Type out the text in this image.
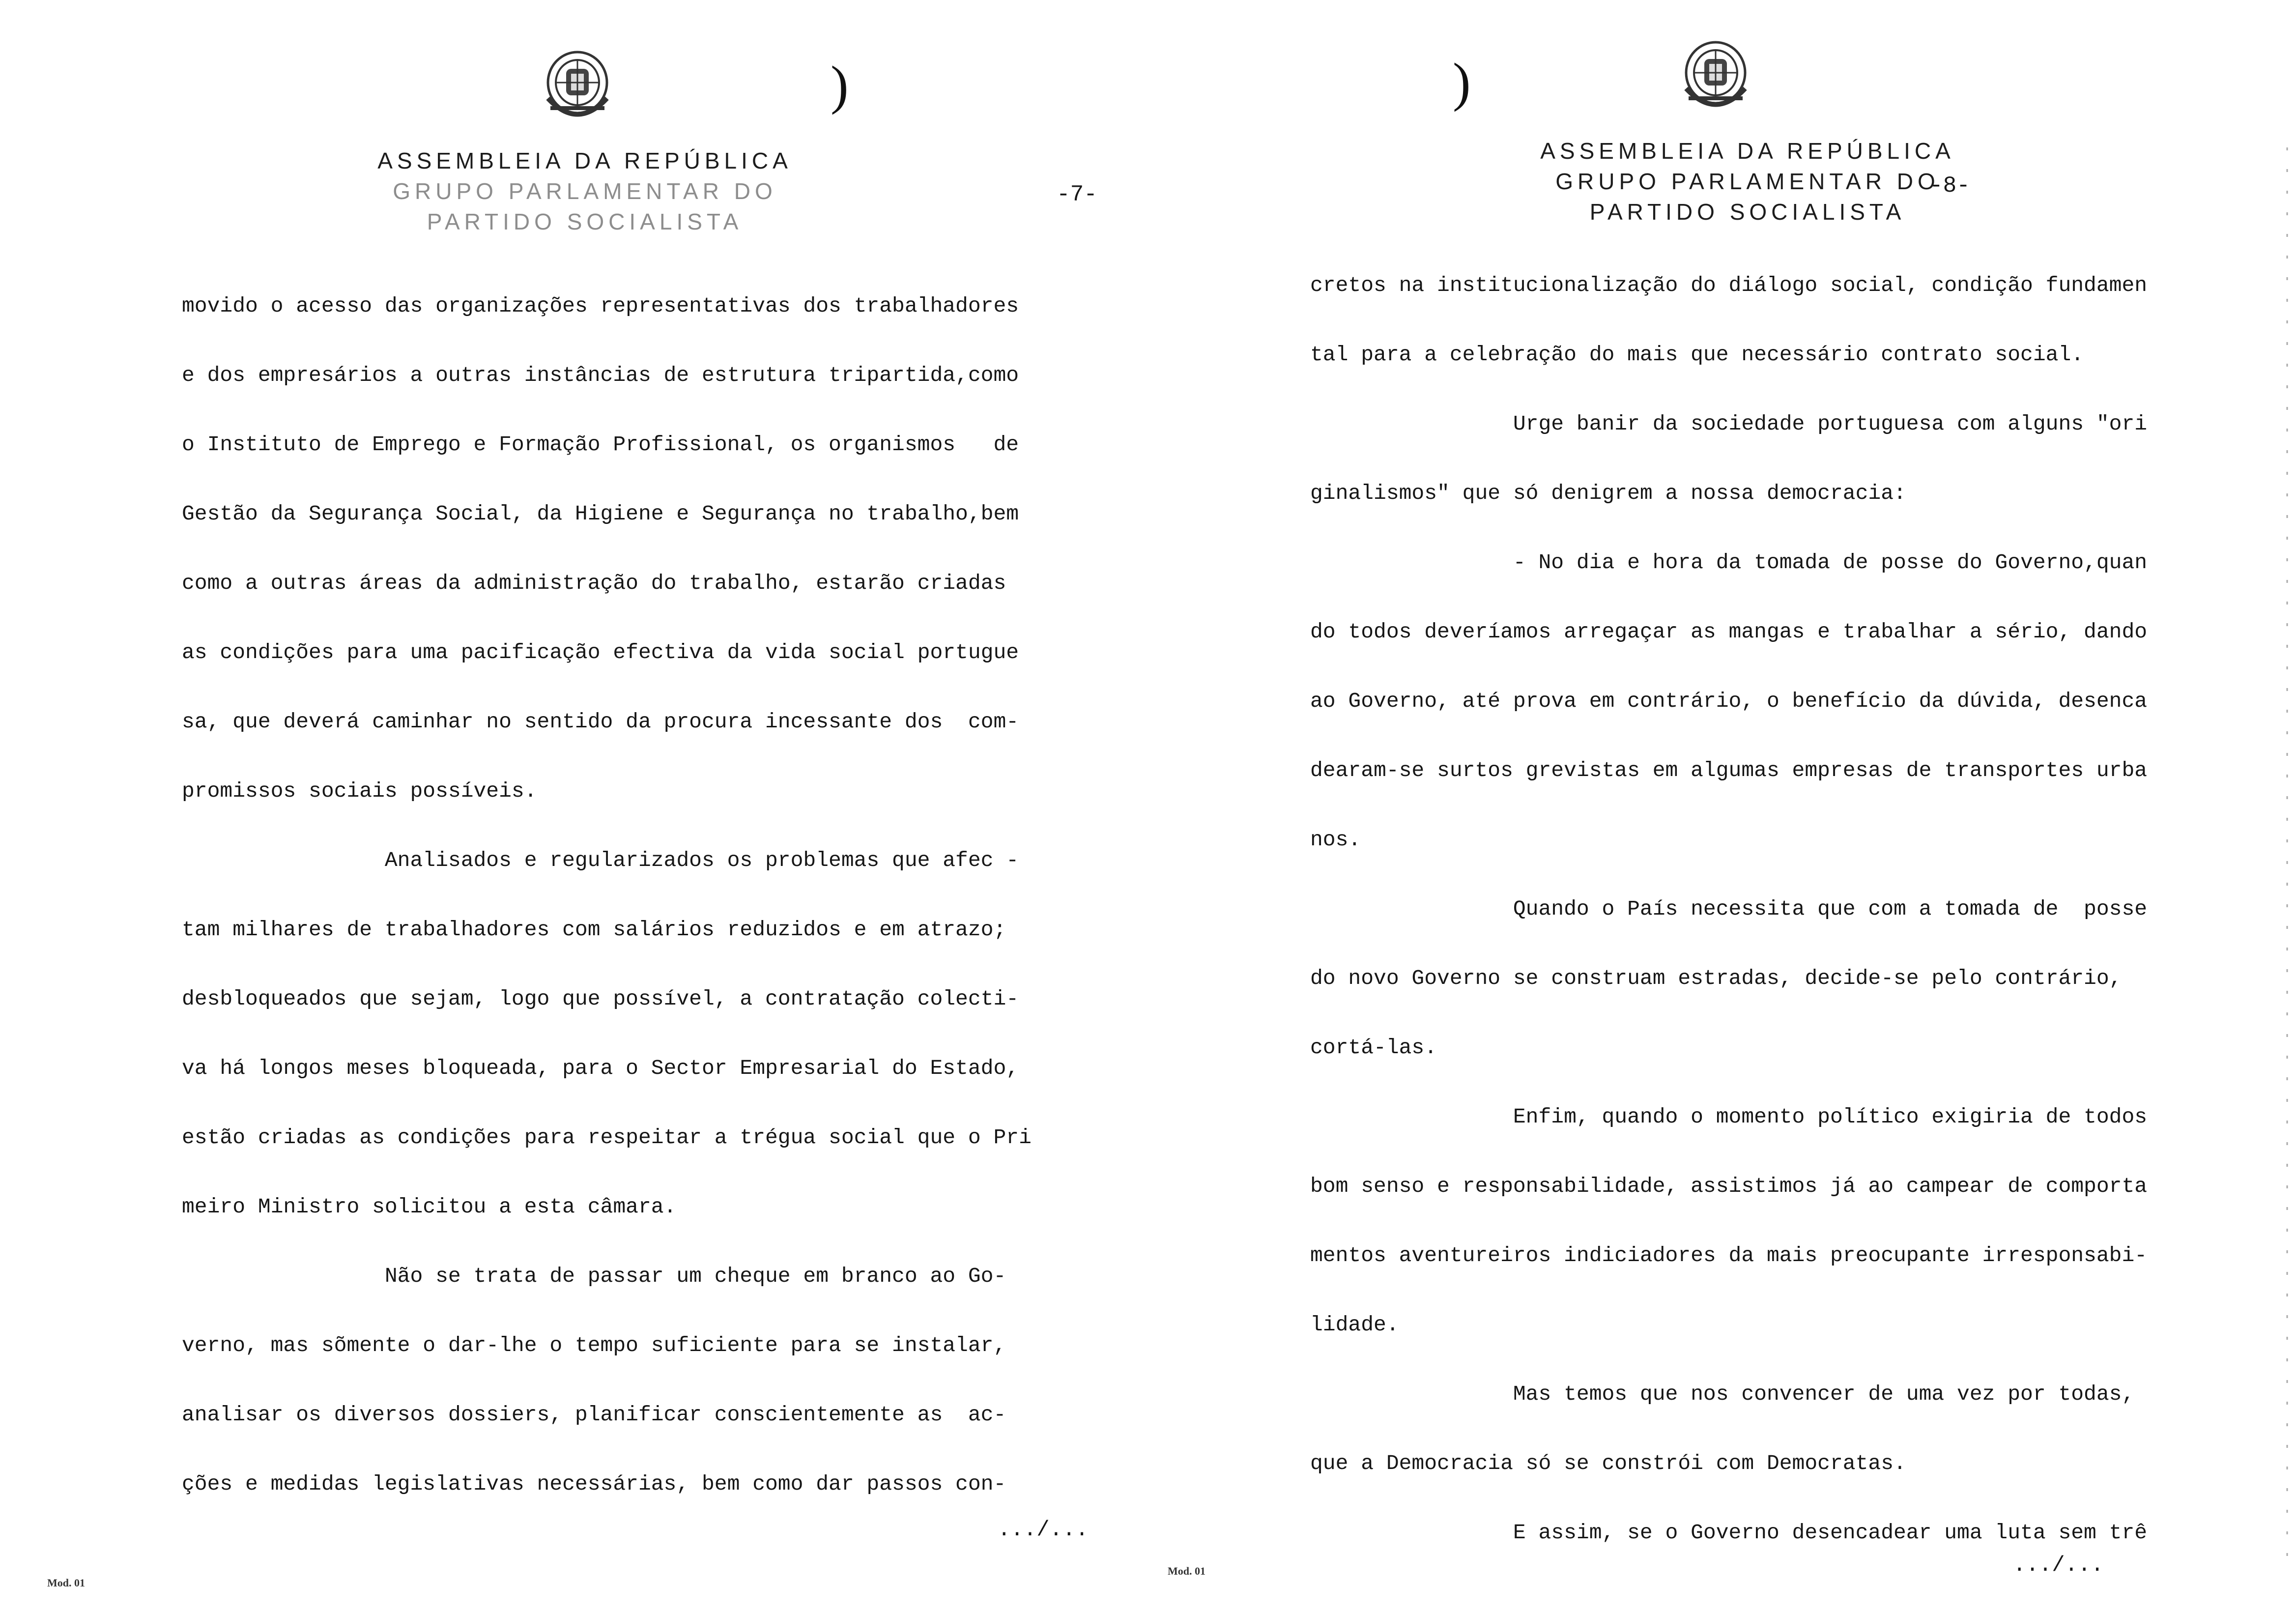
)
ASSEMBLEIA DA REPÚBLICA
GRUPO PARLAMENTAR DO
PARTIDO SOCIALISTA
-7-
movido o acesso das organizações representativas dos trabalhadores
e dos empresários a outras instâncias de estrutura tripartida,como
o Instituto de Emprego e Formação Profissional, os organismos   de
Gestão da Segurança Social, da Higiene e Segurança no trabalho,bem
como a outras áreas da administração do trabalho, estarão criadas
as condições para uma pacificação efectiva da vida social portugue
sa, que deverá caminhar no sentido da procura incessante dos  com-
promissos sociais possíveis.
Analisados e regularizados os problemas que afec -
tam milhares de trabalhadores com salários reduzidos e em atrazo;
desbloqueados que sejam, logo que possível, a contratação colecti-
va há longos meses bloqueada, para o Sector Empresarial do Estado,
estão criadas as condições para respeitar a trégua social que o Pri
meiro Ministro solicitou a esta câmara.
Não se trata de passar um cheque em branco ao Go-
verno, mas sõmente o dar-lhe o tempo suficiente para se instalar,
analisar os diversos dossiers, planificar conscientemente as  ac-
ções e medidas legislativas necessárias, bem como dar passos con-
.../...
Mod. 01
)
ASSEMBLEIA DA REPÚBLICA
GRUPO PARLAMENTAR DO
PARTIDO SOCIALISTA
-8-
cretos na institucionalização do diálogo social, condição fundamen
tal para a celebração do mais que necessário contrato social.
Urge banir da sociedade portuguesa com alguns "ori
ginalismos" que só denigrem a nossa democracia:
- No dia e hora da tomada de posse do Governo,quan
do todos deveríamos arregaçar as mangas e trabalhar a sério, dando
ao Governo, até prova em contrário, o benefício da dúvida, desenca
dearam-se surtos grevistas em algumas empresas de transportes urba
nos.
Quando o País necessita que com a tomada de  posse
do novo Governo se construam estradas, decide-se pelo contrário,
cortá-las.
Enfim, quando o momento político exigiria de todos
bom senso e responsabilidade, assistimos já ao campear de comporta
mentos aventureiros indiciadores da mais preocupante irresponsabi-
lidade.
Mas temos que nos convencer de uma vez por todas,
que a Democracia só se constrói com Democratas.
E assim, se o Governo desencadear uma luta sem trê
.../...
Mod. 01
